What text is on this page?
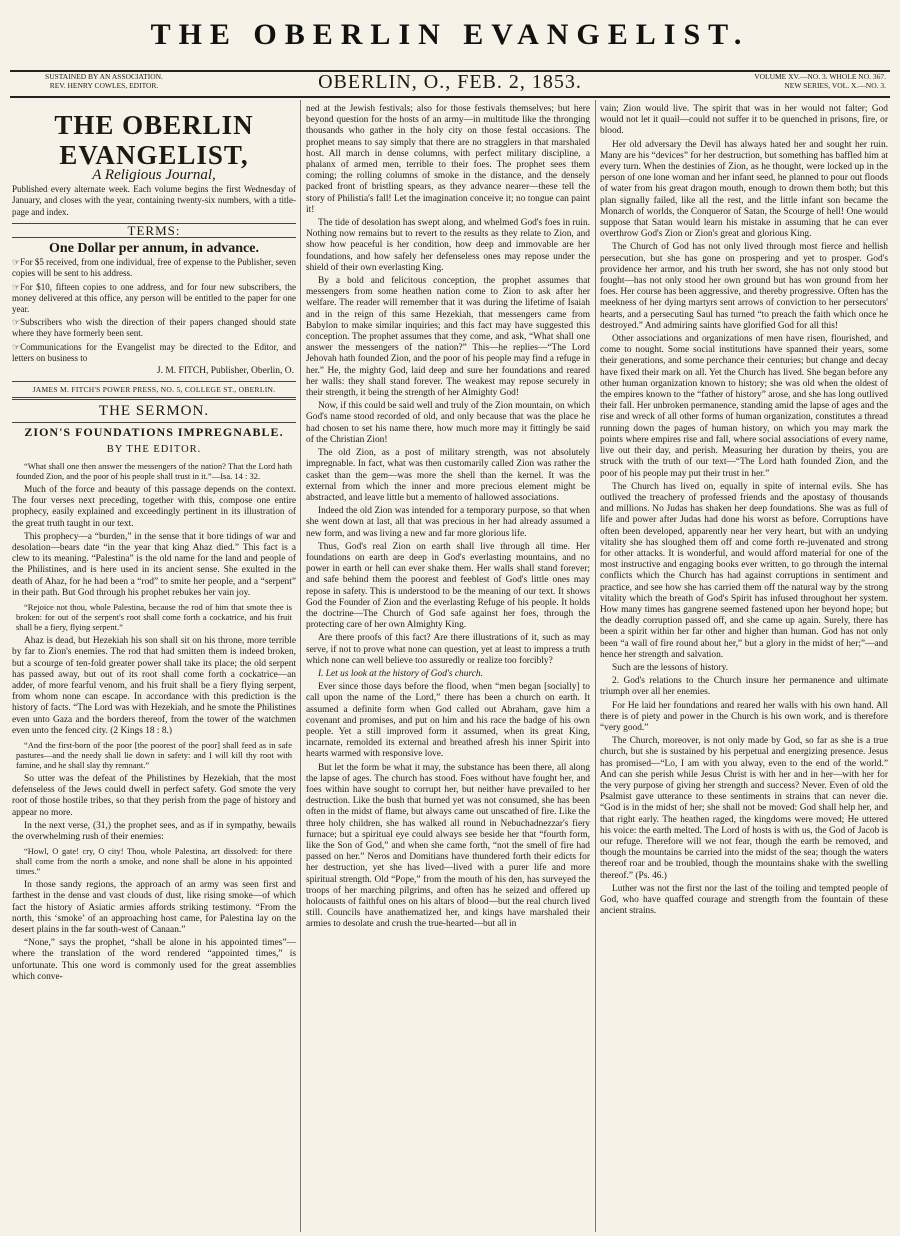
THE OBERLIN EVANGELIST.
SUSTAINED BY AN ASSOCIATION.
REV. HENRY COWLES, EDITOR.	OBERLIN, O., FEB. 2, 1853.	VOLUME XV.—NO. 3. WHOLE NO. 367.
NEW SERIES, VOL. X.—NO. 3.
THE OBERLIN EVANGELIST,
A Religious Journal,

Published every alternate week. Each volume begins the first Wednesday of January, and closes with the year, containing twenty-six numbers, with a title-page and index.

TERMS:
One Dollar per annum, in advance.

☞For $5 received, from one individual, free of expense to the Publisher, seven copies will be sent to his address.

☞For $10, fifteen copies to one address, and for four new subscribers, the money delivered at this office, any person will be entitled to the paper for one year.

☞Subscribers who wish the direction of their papers changed should state where they have formerly been sent.

☞Communications for the Evangelist may be directed to the Editor, and letters on business to

J. M. FITCH, Publisher, Oberlin, O.
JAMES M. FITCH'S POWER PRESS, NO. 5, COLLEGE ST., OBERLIN.
THE SERMON.
ZION'S FOUNDATIONS IMPREGNABLE.
BY THE EDITOR.

“What shall one then answer the messengers of the nation? That the Lord hath founded Zion, and the poor of his people shall trust in it.”—Isa. 14 : 32.

Much of the force and beauty of this passage depends on the context. The four verses next preceding, together with this, compose one entire prophecy, easily explained and exceedingly pertinent in its illustration of the great truth taught in our text.

This prophecy—a “burden,” in the sense that it bore tidings of war and desolation—bears date “in the year that king Ahaz died.” This fact is a clew to its meaning. “Palestina” is the old name for the land and people of the Philistines, and is here used in its ancient sense. She exulted in the death of Ahaz, for he had been a “rod” to smite her people, and a “serpent” in their path. But God through his prophet rebukes her vain joy.

“Rejoice not thou, whole Palestina, because the rod of him that smote thee is broken: for out of the serpent's root shall come forth a cockatrice, and his fruit shall be a fiery, flying serpent.”

Ahaz is dead, but Hezekiah his son shall sit on his throne, more terrible by far to Zion's enemies. The rod that had smitten them is indeed broken, but a scourge of ten-fold greater power shall take its place; the old serpent has passed away, but out of its root shall come forth a cockatrice—an adder, of more fearful venom, and his fruit shall be a fiery flying serpent, from whom none can escape. In accordance with this prediction is the history of facts. “The Lord was with Hezekiah, and he smote the Philistines even unto Gaza and the borders thereof, from the tower of the watchmen even unto the fenced city. (2 Kings 18 : 8.)

“And the first-born of the poor [the poorest of the poor] shall feed as in safe pastures—and the needy shall lie down in safety: and I will kill thy root with famine, and he shall slay thy remnant.”

So utter was the defeat of the Philistines by Hezekiah, that the most defenseless of the Jews could dwell in perfect safety. God smote the very root of those hostile tribes, so that they perish from the page of history and appear no more.

In the next verse, (31,) the prophet sees, and as if in sympathy, bewails the overwhelming rush of their enemies:

“Howl, O gate! cry, O city! Thou, whole Palestina, art dissolved: for there shall come from the north a smoke, and none shall be alone in his appointed times.”

In those sandy regions, the approach of an army was seen first and farthest in the dense and vast clouds of dust, like rising smoke—of which fact the history of Asiatic armies affords striking testimony. “From the north, this ‘smoke’ of an approaching host came, for Palestina lay on the desert plains in the far south-west of Canaan.”

“None,” says the prophet, “shall be alone in his appointed times”—where the translation of the word rendered “appointed times,” is unfortunate. This one word is commonly used for the great assemblies which conve-

ned at the Jewish festivals; also for those festivals themselves; but here beyond question for the hosts of an army—in multitude like the thronging thousands who gather in the holy city on those festal occasions. The prophet means to say simply that there are no stragglers in that marshaled host. All march in dense columns, with perfect military discipline, a phalanx of armed men, terrible to their foes. The prophet sees them coming; the rolling columns of smoke in the distance, and the densely packed front of bristling spears, as they advance nearer—these tell the story of Philistia's fall! Let the imagination conceive it; no tongue can paint it!

The tide of desolation has swept along, and whelmed God's foes in ruin. Nothing now remains but to revert to the results as they relate to Zion, and show how peaceful is her condition, how deep and immovable are her foundations, and how safely her defenseless ones may repose under the shield of their own everlasting King.

By a bold and felicitous conception, the prophet assumes that messengers from some heathen nation come to Zion to ask after her welfare. The reader will remember that it was during the lifetime of Isaiah and in the reign of this same Hezekiah, that messengers came from Babylon to make similar inquiries; and this fact may have suggested this conception. The prophet assumes that they come, and ask, “What shall one answer the messengers of the nation?” This—he replies—“The Lord Jehovah hath founded Zion, and the poor of his people may find a refuge in her.” He, the mighty God, laid deep and sure her foundations and reared her walls: they shall stand forever. The weakest may repose securely in their strength, it being the strength of her Almighty God!

Now, if this could be said well and truly of the Zion mountain, on which God's name stood recorded of old, and only because that was the place he had chosen to set his name there, how much more may it fittingly be said of the Christian Zion!

The old Zion, as a post of military strength, was not absolutely impregnable. In fact, what was then customarily called Zion was rather the casket than the gem—was more the shell than the kernel. It was the external from which the inner and more precious element might be abstracted, and leave little but a memento of hallowed associations.

Indeed the old Zion was intended for a temporary purpose, so that when she went down at last, all that was precious in her had already assumed a new form, and was living a new and far more glorious life.

Thus, God's real Zion on earth shall live through all time. Her foundations on earth are deep in God's everlasting mountains, and no power in earth or hell can ever shake them. Her walls shall stand forever; and safe behind them the poorest and feeblest of God's little ones may repose in safety. This is understood to be the meaning of our text. It shows God the Founder of Zion and the everlasting Refuge of his people. It holds the doctrine—The Church of God safe against her foes, through the protecting care of her own Almighty King.

Are there proofs of this fact? Are there illustrations of it, such as may serve, if not to prove what none can question, yet at least to impress a truth which none can well believe too assuredly or realize too forcibly?

I. Let us look at the history of God's church.

Ever since those days before the flood, when “men began [socially] to call upon the name of the Lord,” there has been a church on earth. It assumed a definite form when God called out Abraham, gave him a covenant and promises, and put on him and his race the badge of his own people. Yet a still improved form it assumed, when its great King, incarnate, remolded its external and breathed afresh his inner Spirit into hearts warmed with responsive love.

But let the form be what it may, the substance has been there, all along the lapse of ages. The church has stood. Foes without have fought her, and foes within have sought to corrupt her, but neither have prevailed to her destruction. Like the bush that burned yet was not consumed, she has been often in the midst of flame, but always came out unscathed of fire. Like the three holy children, she has walked all round in Nebuchadnezzar's fiery furnace; but a spiritual eye could always see beside her that “fourth form, like the Son of God,” and when she came forth, “not the smell of fire had passed on her.” Neros and Domitians have thundered forth their edicts for her destruction, yet she has lived—lived with a purer life and more spiritual strength. Old “Pope,” from the mouth of his den, has surveyed the troops of her marching pilgrims, and often has he seized and offered up holocausts of faithful ones on his altars of blood—but the real church lived still. Councils have anathematized her, and kings have marshaled their armies to desolate and crush the true-hearted—but all in

vain; Zion would live. The spirit that was in her would not falter; God would not let it quail—could not suffer it to be quenched in prisons, fire, or blood.

Her old adversary the Devil has always hated her and sought her ruin. Many are his “devices” for her destruction, but something has baffled him at every turn. When the destinies of Zion, as he thought, were locked up in the person of one lone woman and her infant seed, he planned to pour out floods of water from his great dragon mouth, enough to drown them both; but this plan signally failed, like all the rest, and the little infant son became the Monarch of worlds, the Conqueror of Satan, the Scourge of hell! One would suppose that Satan would learn his mistake in assuming that he can ever overthrow God's Zion or Zion's great and glorious King.

The Church of God has not only lived through most fierce and hellish persecution, but she has gone on prospering and yet to prosper. God's providence her armor, and his truth her sword, she has not only stood but fought—has not only stood her own ground but has won ground from her foes. Her course has been aggressive, and thereby progressive. Often has the meekness of her dying martyrs sent arrows of conviction to her persecutors' hearts, and a persecuting Saul has turned “to preach the faith which once he destroyed.” And admiring saints have glorified God for all this!

Other associations and organizations of men have risen, flourished, and come to nought. Some social institutions have spanned their years, some their generations, and some perchance their centuries; but change and decay have fixed their mark on all. Yet the Church has lived. She began before any other human organization known to history; she was old when the oldest of the empires known to the “father of history” arose, and she has long outlived their fall. Her unbroken permanence, standing amid the lapse of ages and the rise and wreck of all other forms of human organization, constitutes a thread running down the pages of human history, on which you may mark the points where empires rise and fall, where social associations of every name, live out their day, and perish. Measuring her duration by theirs, you are struck with the truth of our text—“The Lord hath founded Zion, and the poor of his people may put their trust in her.”

The Church has lived on, equally in spite of internal evils. She has outlived the treachery of professed friends and the apostasy of thousands and millions. No Judas has shaken her deep foundations. She was as full of life and power after Judas had done his worst as before. Corruptions have often been developed, apparently near her very heart, but with an undying vitality she has sloughed them off and come forth re-juvenated and strong for other attacks. It is wonderful, and would afford material for one of the most instructive and engaging books ever written, to go through the internal conflicts which the Church has had against corruptions in sentiment and practice, and see how she has carried them off the natural way by the strong vitality which the breath of God's Spirit has infused throughout her system. How many times has gangrene seemed fastened upon her beyond hope; but the deadly corruption passed off, and she came up again. Surely, there has been a spirit within her far other and higher than human. God has not only been “a wall of fire round about her,” but a glory in the midst of her;”—and hence her strength and salvation.

Such are the lessons of history.

2. God's relations to the Church insure her permanence and ultimate triumph over all her enemies.

For He laid her foundations and reared her walls with his own hand. All there is of piety and power in the Church is his own work, and is therefore “very good.”

The Church, moreover, is not only made by God, so far as she is a true church, but she is sustained by his perpetual and energizing presence. Jesus has promised—“Lo, I am with you alway, even to the end of the world.” And can she perish while Jesus Christ is with her and in her—with her for the very purpose of giving her strength and success? Never. Even of old the Psalmist gave utterance to these sentiments in strains that can never die. “God is in the midst of her; she shall not be moved: God shall help her, and that right early. The heathen raged, the kingdoms were moved; He uttered his voice: the earth melted. The Lord of hosts is with us, the God of Jacob is our refuge. Therefore will we not fear, though the earth be removed, and though the mountains be carried into the midst of the sea; though the waters thereof roar and be troubled, though the mountains shake with the swelling thereof.” (Ps. 46.)

Luther was not the first nor the last of the toiling and tempted people of God, who have quaffed courage and strength from the fountain of these ancient strains.
